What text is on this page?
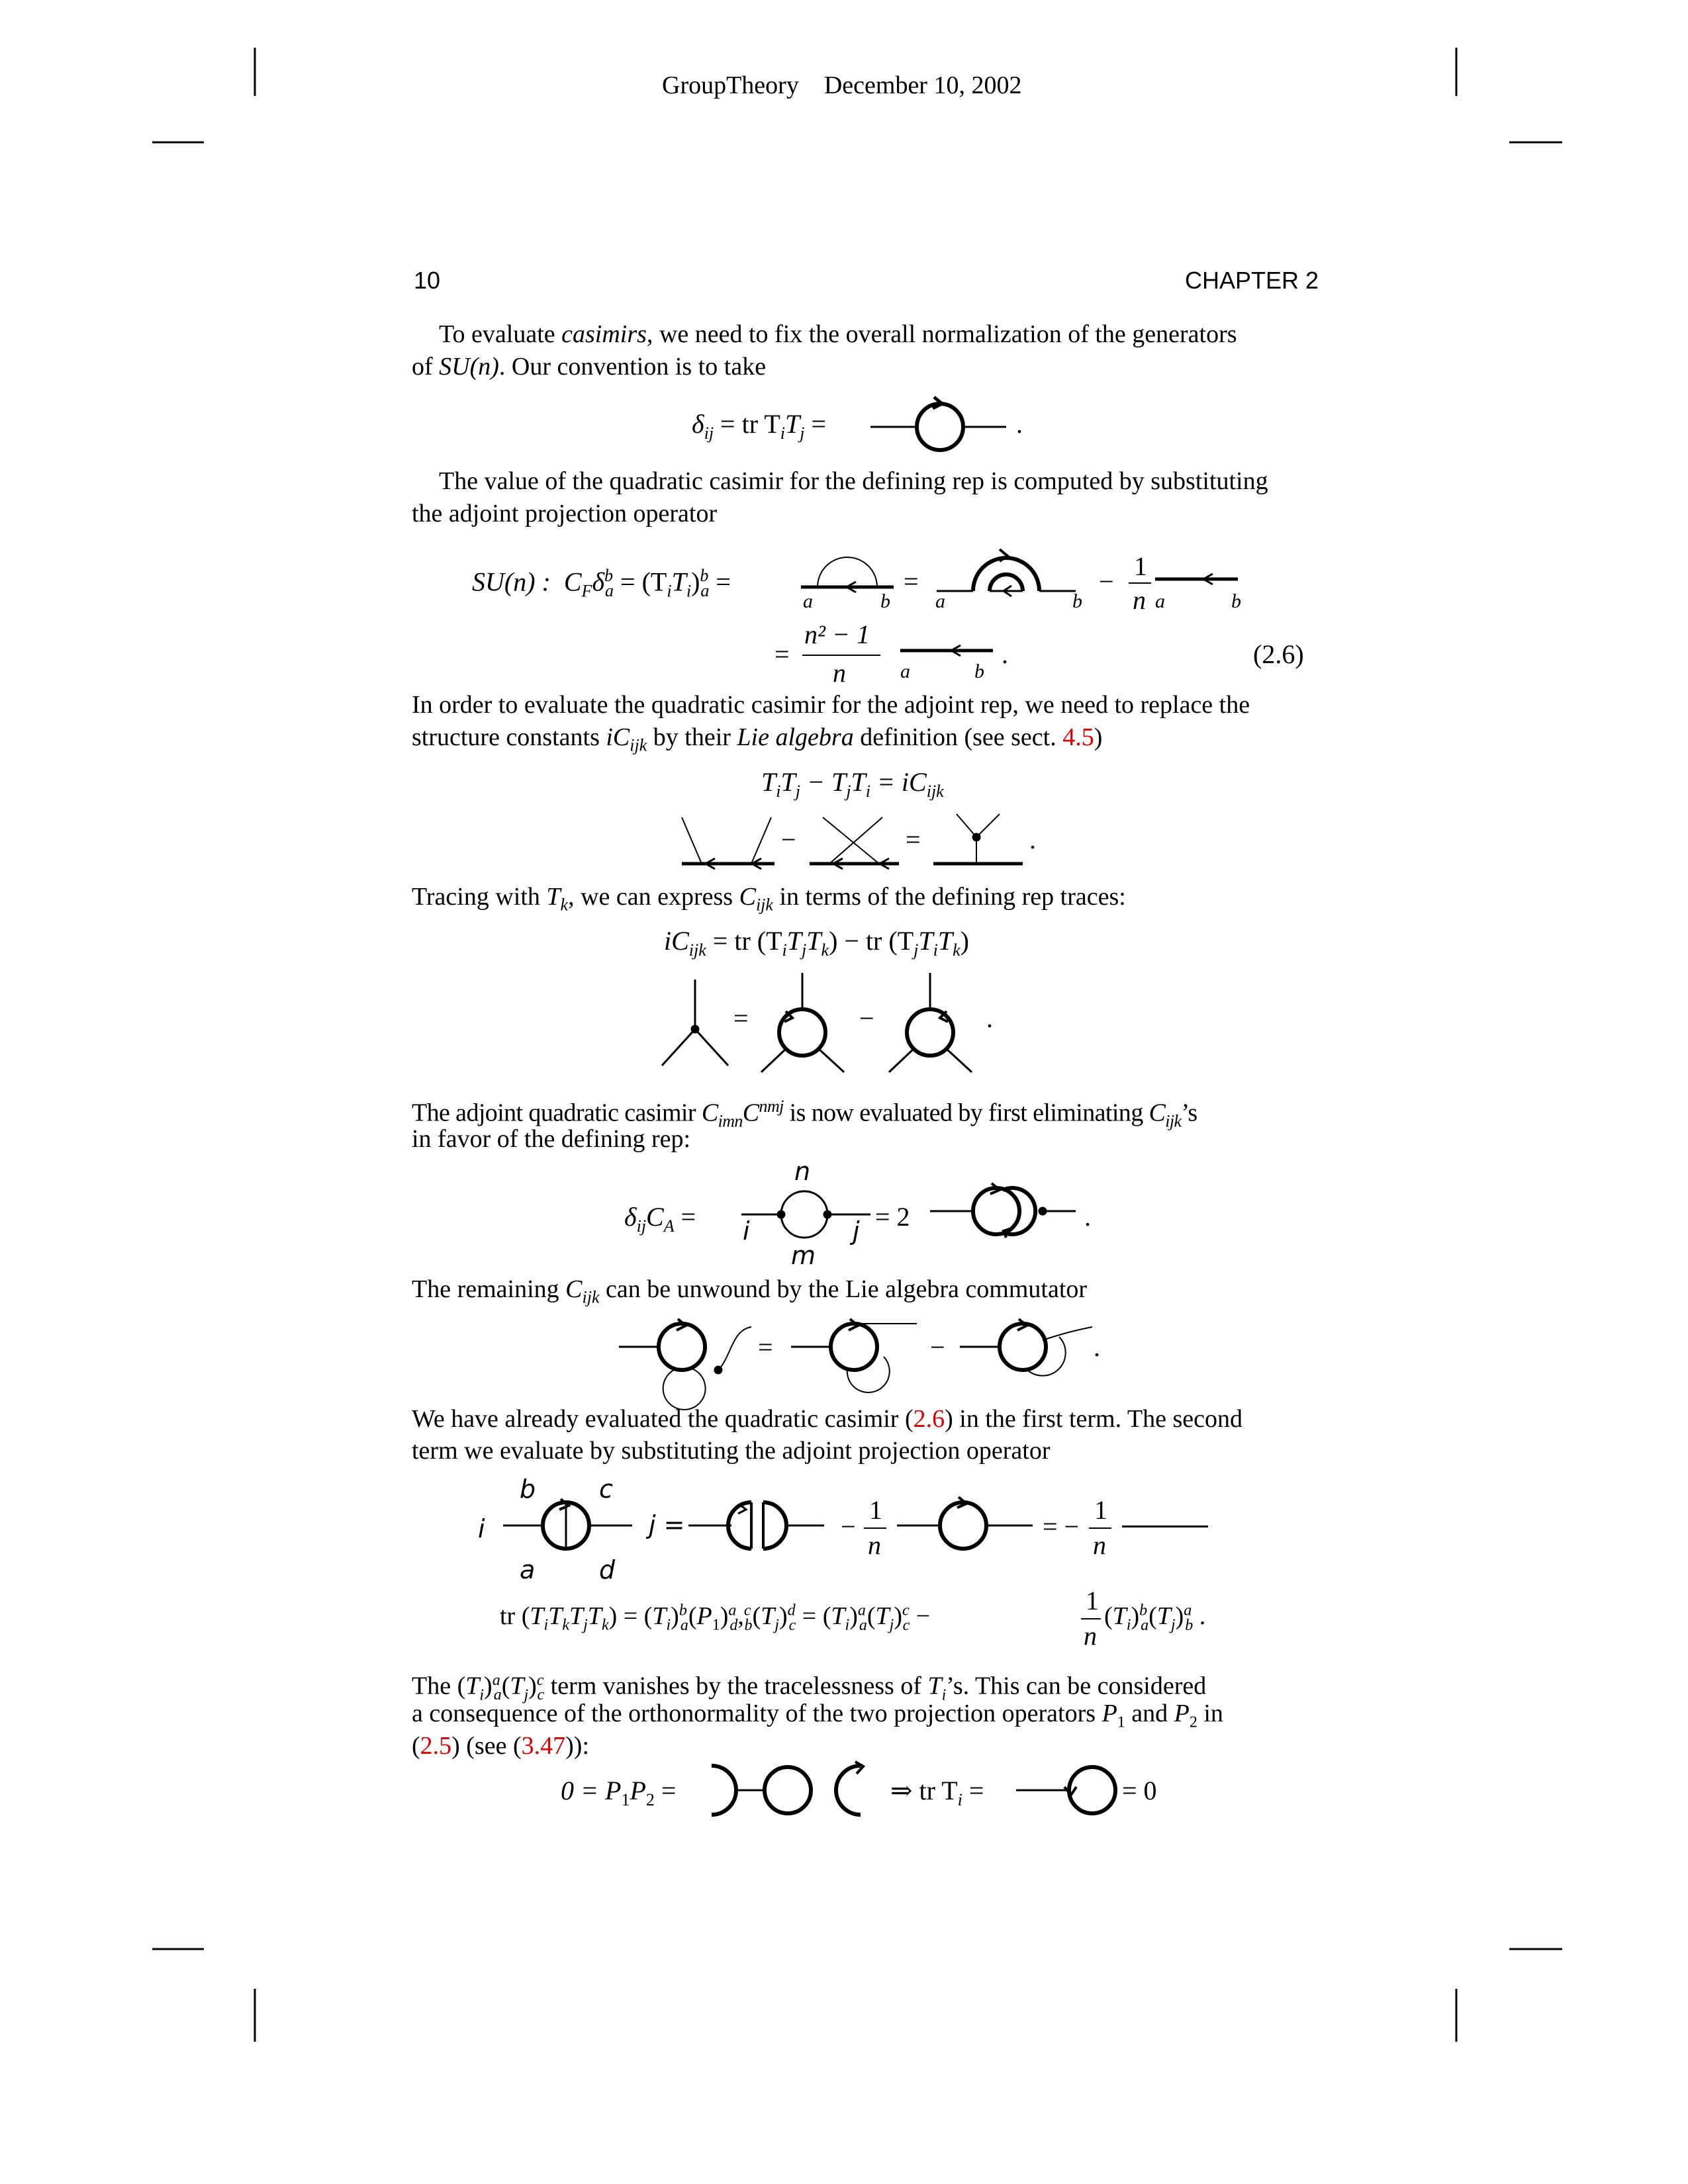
GroupTheory December 10, 2002
10	CHAPTER 2
To evaluate casimirs, we need to fix the overall normalization of the generators
of SU(n). Our convention is to take
$\delta_{ij}$ = tr $T_iT_j$ =	.
The value of the quadratic casimir for the defining rep is computed by substituting
the adjoint projection operator
SU(n) : $C_F\delta^b_a = (T_iT_i)^b_a$ =
a	b
=
a	b
−
1
n a	b
=
n² − 1
n	a	b
.	(2.6)
In order to evaluate the quadratic casimir for the adjoint rep, we need to replace the
structure constants $iC_{ijk}$ by their Lie algebra definition (see sect. 4.5)
$T_iT_j - T_jT_i = iC_{ijk}$
−	=	.
Tracing with $T_k$, we can express $C_{ijk}$ in terms of the defining rep traces:
$iC_{ijk}$ = tr $(T_iT_jT_k)$ − tr $(T_jT_iT_k)$
=	−	.
The adjoint quadratic casimir $C_{imn}C^{nmj}$ is now evaluated by first eliminating $C_{ijk}’s$
in favor of the defining rep:
$\delta_{ij}C_A$ =
n
m
i	j = 2	.
The remaining $C_{ijk}$ can be unwound by the Lie algebra commutator
=	−	.
We have already evaluated the quadratic casimir (2.6) in the first term. The second
term we evaluate by substituting the adjoint projection operator
b	c
i
a	d
j =	−
1
n
= −
1
n
tr $(T_iT_kT_jT_k) = (T_i)^b_a(P_1)^a_d,^c_b(T_j)^d_c = (T_i)^a_a(T_j)^c_c$ −
1
n
$(T_i)^b_a(T_j)^a_b$ .
The $(T_i)^a_a(T_j)^c_c$ term vanishes by the tracelessness of $T_i’s$. This can be considered
a consequence of the orthonormality of the two projection operators $P_1$ and $P_2$ in
(2.5) (see (3.47)):
$0 = P_1P_2$ =	⇒ tr $T_i$ =	= 0
